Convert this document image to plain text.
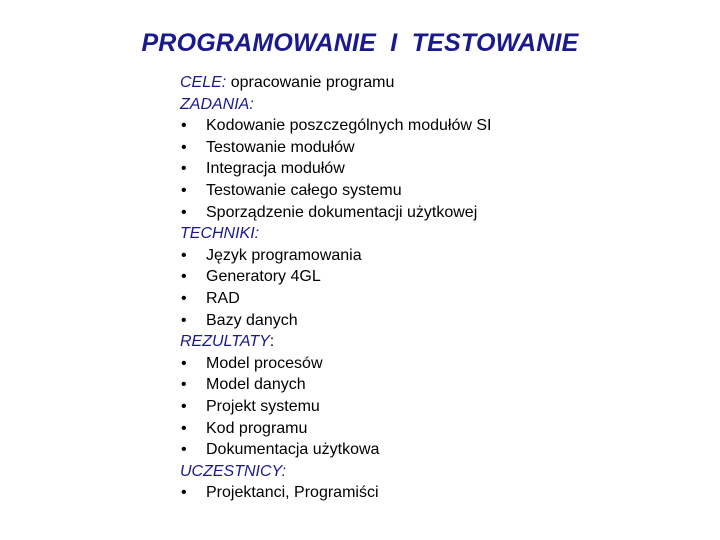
PROGRAMOWANIE  I  TESTOWANIE
CELE: opracowanie programu
ZADANIA:
•	Kodowanie poszczególnych modułów SI
•	Testowanie modułów
•	Integracja modułów
•	Testowanie całego systemu
•	Sporządzenie dokumentacji użytkowej
TECHNIKI:
•	Język programowania
•	Generatory 4GL
•	RAD
•	Bazy danych
REZULTATY:
•	Model procesów
•	Model danych
•	Projekt systemu
•	Kod programu
•	Dokumentacja użytkowa
UCZESTNICY:
•	Projektanci, Programiści
